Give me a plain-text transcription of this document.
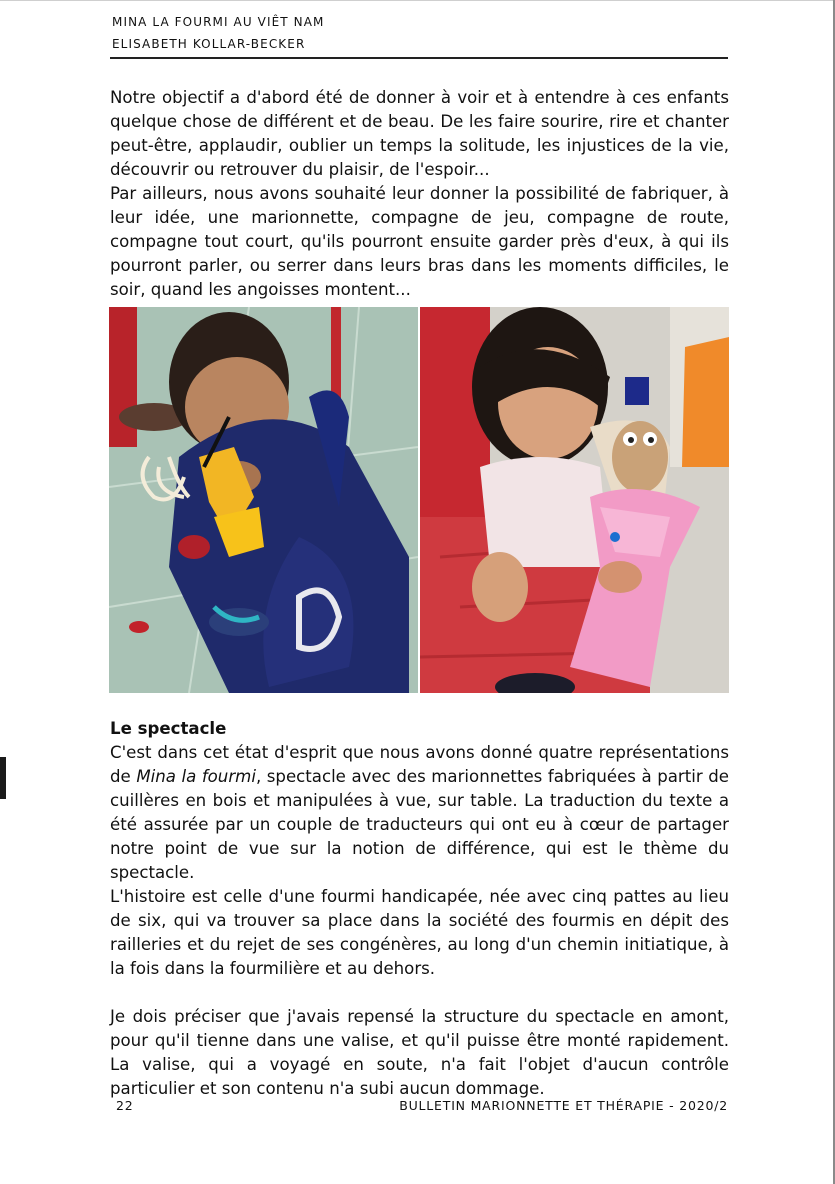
MINA LA FOURMI AU VIÊT NAM
ELISABETH KOLLAR-BECKER

Notre objectif a d'abord été de donner à voir et à entendre à ces enfants quelque chose de différent et de beau. De les faire sourire, rire et chanter peut-être, applaudir, oublier un temps la solitude, les injustices de la vie, découvrir ou retrouver du plaisir, de l'espoir...

Par ailleurs, nous avons souhaité leur donner la possibilité de fabriquer, à leur idée, une marionnette, compagne de jeu, compagne de route, compagne tout court, qu'ils pourront ensuite garder près d'eux, à qui ils pourront parler, ou serrer dans leurs bras dans les moments difficiles, le soir, quand les angoisses montent...

Le spectacle

C'est dans cet état d'esprit que nous avons donné quatre représentations de Mina la fourmi, spectacle avec des marionnettes fabriquées à partir de cuillères en bois et manipulées à vue, sur table. La traduction du texte a été assurée par un couple de traducteurs qui ont eu à cœur de partager notre point de vue sur la notion de différence, qui est le thème du spectacle.

L'histoire est celle d'une fourmi handicapée, née avec cinq pattes au lieu de six, qui va trouver sa place dans la société des fourmis en dépit des railleries et du rejet de ses congénères, au long d'un chemin initiatique, à la fois dans la fourmilière et au dehors.

Je dois préciser que j'avais repensé la structure du spectacle en amont, pour qu'il tienne dans une valise, et qu'il puisse être monté rapidement. La valise, qui a voyagé en soute, n'a fait l'objet d'aucun contrôle particulier et son contenu n'a subi aucun dommage.

22	BULLETIN MARIONNETTE ET THÉRAPIE - 2020/2
